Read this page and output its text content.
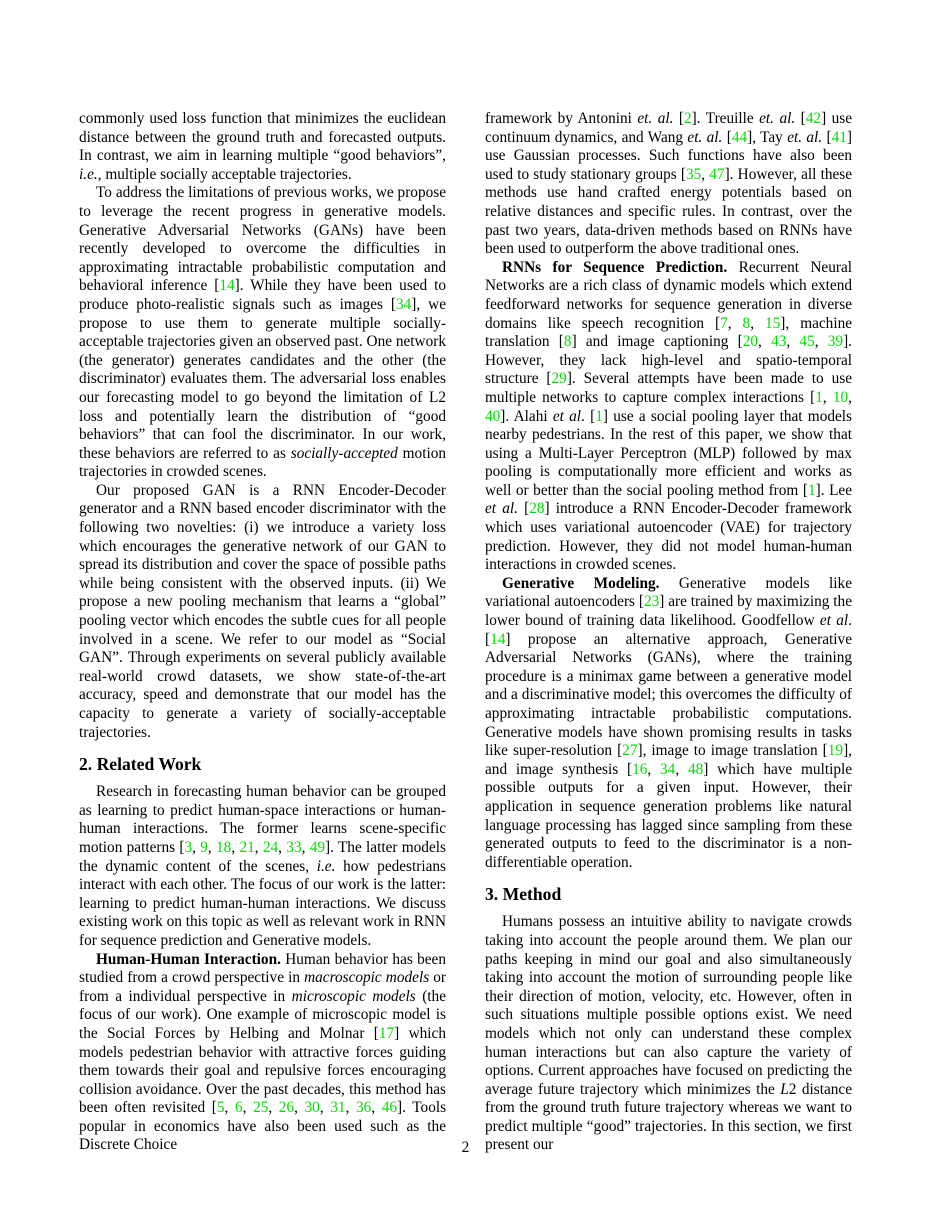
commonly used loss function that minimizes the euclidean distance between the ground truth and forecasted outputs. In contrast, we aim in learning multiple “good behaviors”, i.e., multiple socially acceptable trajectories.

To address the limitations of previous works, we propose to leverage the recent progress in generative models. Generative Adversarial Networks (GANs) have been recently developed to overcome the difficulties in approximating intractable probabilistic computation and behavioral inference [14]. While they have been used to produce photo-realistic signals such as images [34], we propose to use them to generate multiple socially-acceptable trajectories given an observed past. One network (the generator) generates candidates and the other (the discriminator) evaluates them. The adversarial loss enables our forecasting model to go beyond the limitation of L2 loss and potentially learn the distribution of “good behaviors” that can fool the discriminator. In our work, these behaviors are referred to as socially-accepted motion trajectories in crowded scenes.

Our proposed GAN is a RNN Encoder-Decoder generator and a RNN based encoder discriminator with the following two novelties: (i) we introduce a variety loss which encourages the generative network of our GAN to spread its distribution and cover the space of possible paths while being consistent with the observed inputs. (ii) We propose a new pooling mechanism that learns a “global” pooling vector which encodes the subtle cues for all people involved in a scene. We refer to our model as “Social GAN”. Through experiments on several publicly available real-world crowd datasets, we show state-of-the-art accuracy, speed and demonstrate that our model has the capacity to generate a variety of socially-acceptable trajectories.

2. Related Work

Research in forecasting human behavior can be grouped as learning to predict human-space interactions or human-human interactions. The former learns scene-specific motion patterns [3, 9, 18, 21, 24, 33, 49]. The latter models the dynamic content of the scenes, i.e. how pedestrians interact with each other. The focus of our work is the latter: learning to predict human-human interactions. We discuss existing work on this topic as well as relevant work in RNN for sequence prediction and Generative models.

Human-Human Interaction. Human behavior has been studied from a crowd perspective in macroscopic models or from a individual perspective in microscopic models (the focus of our work). One example of microscopic model is the Social Forces by Helbing and Molnar [17] which models pedestrian behavior with attractive forces guiding them towards their goal and repulsive forces encouraging collision avoidance. Over the past decades, this method has been often revisited [5, 6, 25, 26, 30, 31, 36, 46]. Tools popular in economics have also been used such as the Discrete Choice

framework by Antonini et. al. [2]. Treuille et. al. [42] use continuum dynamics, and Wang et. al. [44], Tay et. al. [41] use Gaussian processes. Such functions have also been used to study stationary groups [35, 47]. However, all these methods use hand crafted energy potentials based on relative distances and specific rules. In contrast, over the past two years, data-driven methods based on RNNs have been used to outperform the above traditional ones.

RNNs for Sequence Prediction. Recurrent Neural Networks are a rich class of dynamic models which extend feedforward networks for sequence generation in diverse domains like speech recognition [7, 8, 15], machine translation [8] and image captioning [20, 43, 45, 39]. However, they lack high-level and spatio-temporal structure [29]. Several attempts have been made to use multiple networks to capture complex interactions [1, 10, 40]. Alahi et al. [1] use a social pooling layer that models nearby pedestrians. In the rest of this paper, we show that using a Multi-Layer Perceptron (MLP) followed by max pooling is computationally more efficient and works as well or better than the social pooling method from [1]. Lee et al. [28] introduce a RNN Encoder-Decoder framework which uses variational autoencoder (VAE) for trajectory prediction. However, they did not model human-human interactions in crowded scenes.

Generative Modeling. Generative models like variational autoencoders [23] are trained by maximizing the lower bound of training data likelihood. Goodfellow et al. [14] propose an alternative approach, Generative Adversarial Networks (GANs), where the training procedure is a minimax game between a generative model and a discriminative model; this overcomes the difficulty of approximating intractable probabilistic computations. Generative models have shown promising results in tasks like super-resolution [27], image to image translation [19], and image synthesis [16, 34, 48] which have multiple possible outputs for a given input. However, their application in sequence generation problems like natural language processing has lagged since sampling from these generated outputs to feed to the discriminator is a non-differentiable operation.

3. Method

Humans possess an intuitive ability to navigate crowds taking into account the people around them. We plan our paths keeping in mind our goal and also simultaneously taking into account the motion of surrounding people like their direction of motion, velocity, etc. However, often in such situations multiple possible options exist. We need models which not only can understand these complex human interactions but can also capture the variety of options. Current approaches have focused on predicting the average future trajectory which minimizes the L2 distance from the ground truth future trajectory whereas we want to predict multiple “good” trajectories. In this section, we first present our

2
